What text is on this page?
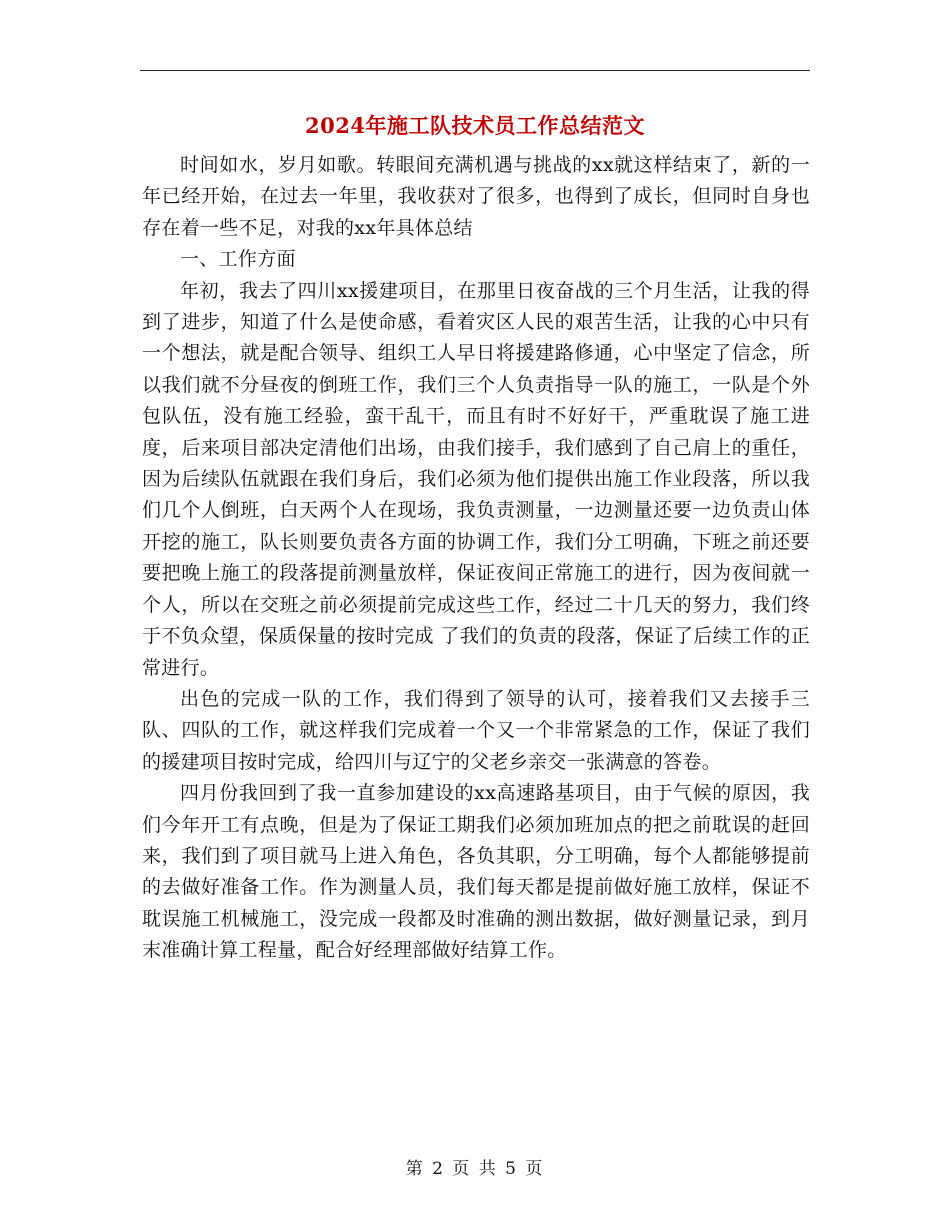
2024年施工队技术员工作总结范文

时间如水，岁月如歌。转眼间充满机遇与挑战的xx就这样结束了，新的一年已经开始，在过去一年里，我收获对了很多，也得到了成长，但同时自身也存在着一些不足，对我的xx年具体总结

一、工作方面

年初，我去了四川xx援建项目，在那里日夜奋战的三个月生活，让我的得到了进步，知道了什么是使命感，看着灾区人民的艰苦生活，让我的心中只有一个想法，就是配合领导、组织工人早日将援建路修通，心中坚定了信念，所以我们就不分昼夜的倒班工作，我们三个人负责指导一队的施工，一队是个外包队伍，没有施工经验，蛮干乱干，而且有时不好好干，严重耽误了施工进度，后来项目部决定清他们出场，由我们接手，我们感到了自己肩上的重任，因为后续队伍就跟在我们身后，我们必须为他们提供出施工作业段落，所以我们几个人倒班，白天两个人在现场，我负责测量，一边测量还要一边负责山体开挖的施工，队长则要负责各方面的协调工作，我们分工明确，下班之前还要要把晚上施工的段落提前测量放样，保证夜间正常施工的进行，因为夜间就一个人，所以在交班之前必须提前完成这些工作，经过二十几天的努力，我们终于不负众望，保质保量的按时完成 了我们的负责的段落，保证了后续工作的正常进行。

出色的完成一队的工作，我们得到了领导的认可，接着我们又去接手三队、四队的工作，就这样我们完成着一个又一个非常紧急的工作，保证了我们的援建项目按时完成，给四川与辽宁的父老乡亲交一张满意的答卷。

四月份我回到了我一直参加建设的xx高速路基项目，由于气候的原因，我们今年开工有点晚，但是为了保证工期我们必须加班加点的把之前耽误的赶回来，我们到了项目就马上进入角色，各负其职，分工明确，每个人都能够提前的去做好准备工作。作为测量人员，我们每天都是提前做好施工放样，保证不耽误施工机械施工，没完成一段都及时准确的测出数据，做好测量记录，到月末准确计算工程量，配合好经理部做好结算工作。

第 2 页 共 5 页
